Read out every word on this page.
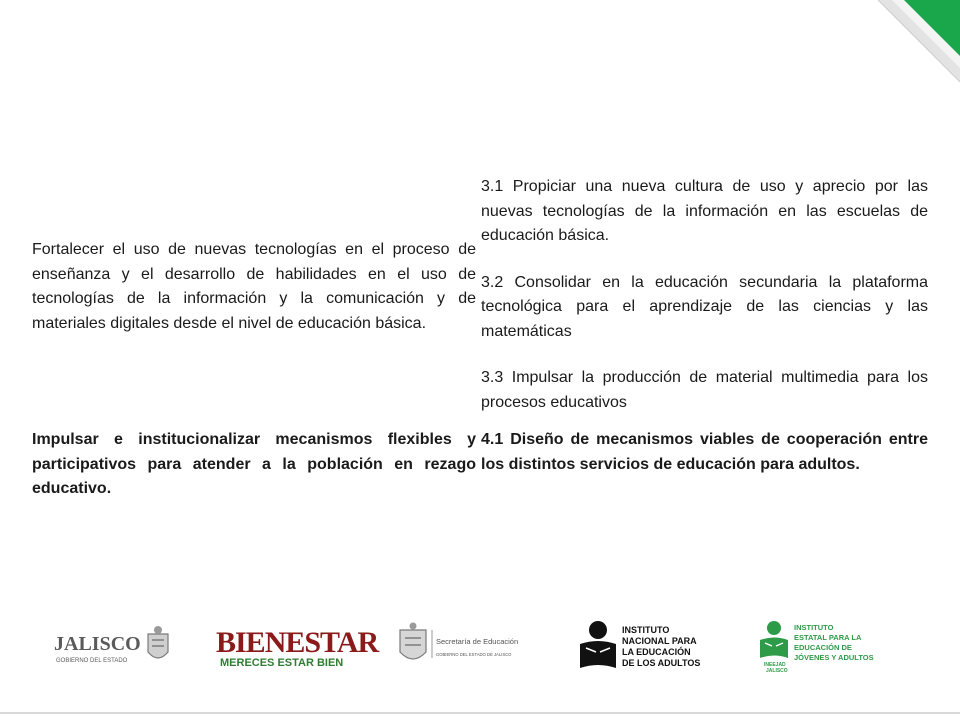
Fortalecer el uso de nuevas tecnologías en el proceso de enseñanza y el desarrollo de habilidades en el uso de tecnologías de la información y la comunicación y de materiales digitales desde el nivel de educación básica.

3.1 Propiciar una nueva cultura de uso y aprecio por las nuevas tecnologías de la información en las escuelas de educación básica.

3.2 Consolidar en la educación secundaria la plataforma tecnológica para el aprendizaje de las ciencias y las matemáticas

3.3 Impulsar la producción de material multimedia para los procesos educativos

Impulsar e institucionalizar mecanismos flexibles y participativos para atender a la población en rezago educativo.

4.1 Diseño de mecanismos viables de cooperación entre los distintos servicios de educación para adultos.

JALISCO
GOBIERNO DEL ESTADO
BIENESTAR
MERECES ESTAR BIEN
Secretaría de Educación
GOBIERNO DEL ESTADO DE JALISCO
INSTITUTO
NACIONAL PARA
LA EDUCACIÓN
DE LOS ADULTOS	INEEJAD
JALISCO
INSTITUTO
ESTATAL PARA LA
EDUCACIÓN DE
JÓVENES Y ADULTOS
